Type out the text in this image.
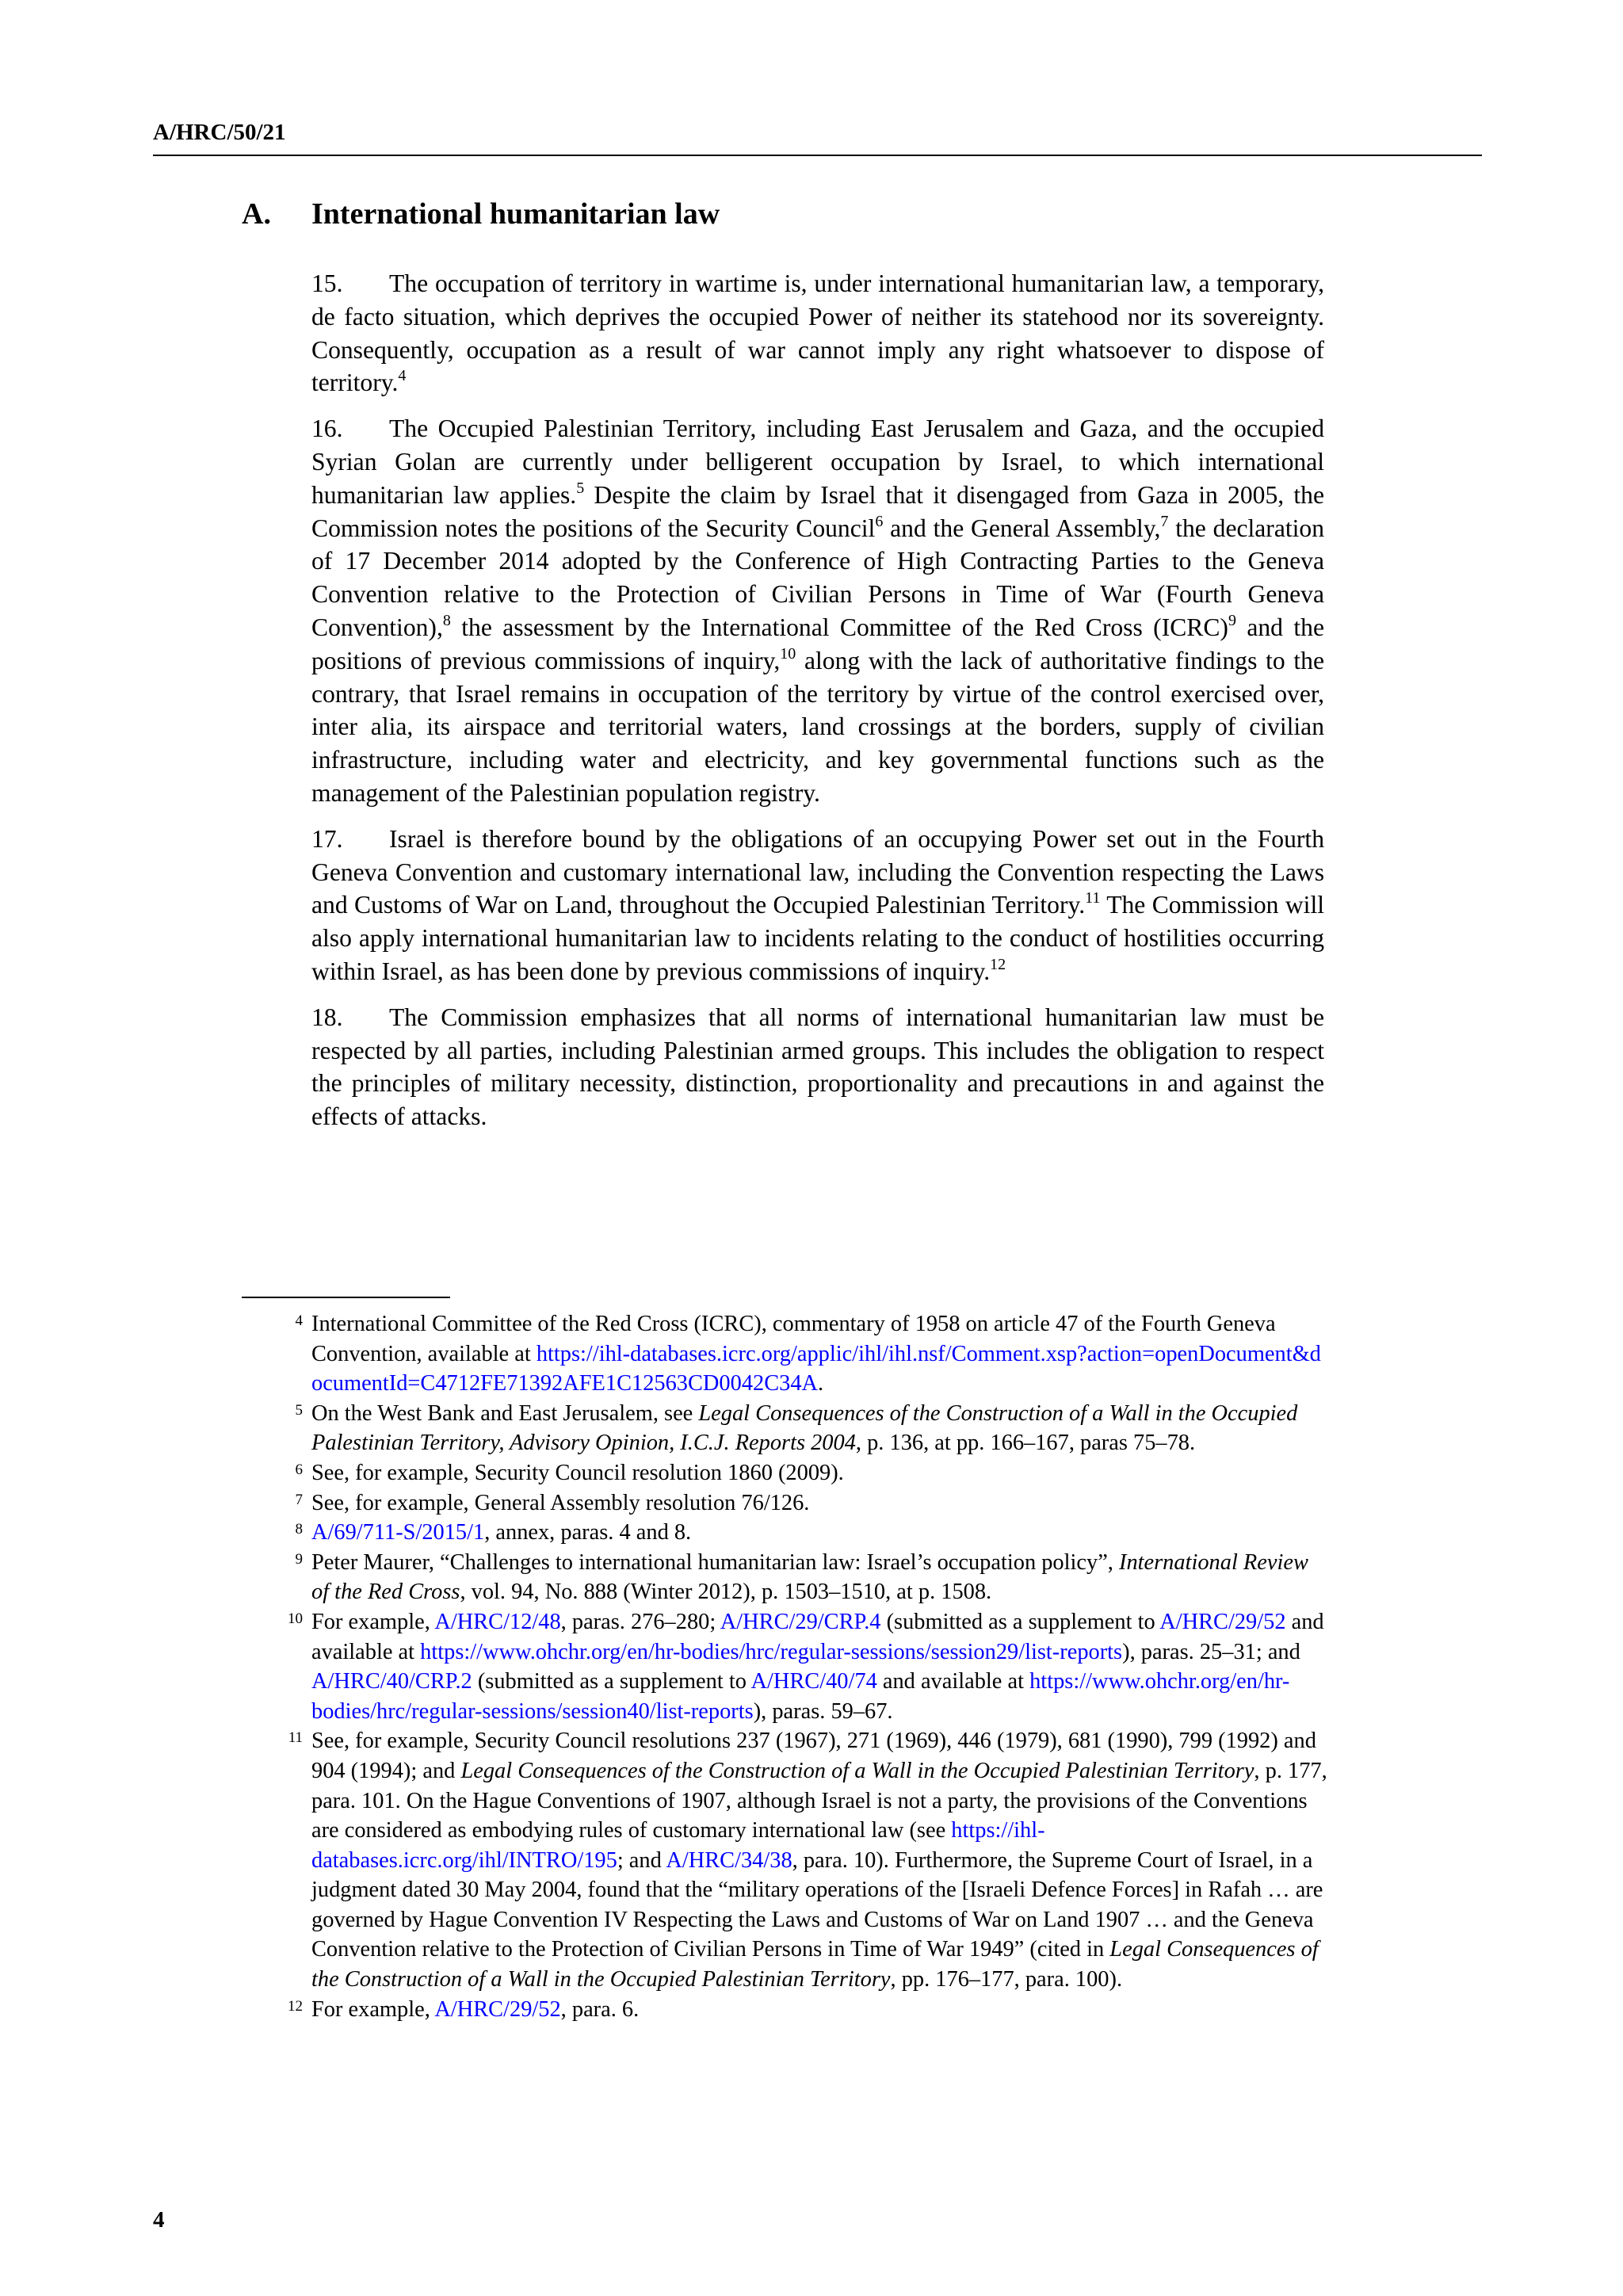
A/HRC/50/21
A.	International humanitarian law

15. The occupation of territory in wartime is, under international humanitarian law, a temporary, de facto situation, which deprives the occupied Power of neither its statehood nor its sovereignty. Consequently, occupation as a result of war cannot imply any right whatsoever to dispose of territory.$^4$

16. The Occupied Palestinian Territory, including East Jerusalem and Gaza, and the occupied Syrian Golan are currently under belligerent occupation by Israel, to which international humanitarian law applies.$^5$ Despite the claim by Israel that it disengaged from Gaza in 2005, the Commission notes the positions of the Security Council$^6$ and the General Assembly,$^7$ the declaration of 17 December 2014 adopted by the Conference of High Contracting Parties to the Geneva Convention relative to the Protection of Civilian Persons in Time of War (Fourth Geneva Convention),$^8$ the assessment by the International Committee of the Red Cross (ICRC)$^9$ and the positions of previous commissions of inquiry,$^{10}$ along with the lack of authoritative findings to the contrary, that Israel remains in occupation of the territory by virtue of the control exercised over, inter alia, its airspace and territorial waters, land crossings at the borders, supply of civilian infrastructure, including water and electricity, and key governmental functions such as the management of the Palestinian population registry.

17. Israel is therefore bound by the obligations of an occupying Power set out in the Fourth Geneva Convention and customary international law, including the Convention respecting the Laws and Customs of War on Land, throughout the Occupied Palestinian Territory.$^{11}$ The Commission will also apply international humanitarian law to incidents relating to the conduct of hostilities occurring within Israel, as has been done by previous commissions of inquiry.$^{12}$

18. The Commission emphasizes that all norms of international humanitarian law must be respected by all parties, including Palestinian armed groups. This includes the obligation to respect the principles of military necessity, distinction, proportionality and precautions in and against the effects of attacks.

4 International Committee of the Red Cross (ICRC), commentary of 1958 on article 47 of the Fourth Geneva Convention, available at https://ihl-databases.icrc.org/applic/ihl/ihl.nsf/Comment.xsp?action=openDocument&documentId=C4712FE71392AFE1C12563CD0042C34A.
5 On the West Bank and East Jerusalem, see Legal Consequences of the Construction of a Wall in the Occupied Palestinian Territory, Advisory Opinion, I.C.J. Reports 2004, p. 136, at pp. 166–167, paras 75–78.
6 See, for example, Security Council resolution 1860 (2009).
7 See, for example, General Assembly resolution 76/126.
8 A/69/711-S/2015/1, annex, paras. 4 and 8.
9 Peter Maurer, “Challenges to international humanitarian law: Israel’s occupation policy”, International Review of the Red Cross, vol. 94, No. 888 (Winter 2012), p. 1503–1510, at p. 1508.
10 For example, A/HRC/12/48, paras. 276–280; A/HRC/29/CRP.4 (submitted as a supplement to A/HRC/29/52 and available at https://www.ohchr.org/en/hr-bodies/hrc/regular-sessions/session29/list-reports), paras. 25–31; and A/HRC/40/CRP.2 (submitted as a supplement to A/HRC/40/74 and available at https://www.ohchr.org/en/hr-bodies/hrc/regular-sessions/session40/list-reports), paras. 59–67.
11 See, for example, Security Council resolutions 237 (1967), 271 (1969), 446 (1979), 681 (1990), 799 (1992) and 904 (1994); and Legal Consequences of the Construction of a Wall in the Occupied Palestinian Territory, p. 177, para. 101. On the Hague Conventions of 1907, although Israel is not a party, the provisions of the Conventions are considered as embodying rules of customary international law (see https://ihl-databases.icrc.org/ihl/INTRO/195; and A/HRC/34/38, para. 10). Furthermore, the Supreme Court of Israel, in a judgment dated 30 May 2004, found that the “military operations of the [Israeli Defence Forces] in Rafah … are governed by Hague Convention IV Respecting the Laws and Customs of War on Land 1907 … and the Geneva Convention relative to the Protection of Civilian Persons in Time of War 1949” (cited in Legal Consequences of the Construction of a Wall in the Occupied Palestinian Territory, pp. 176–177, para. 100).
12 For example, A/HRC/29/52, para. 6.
4
